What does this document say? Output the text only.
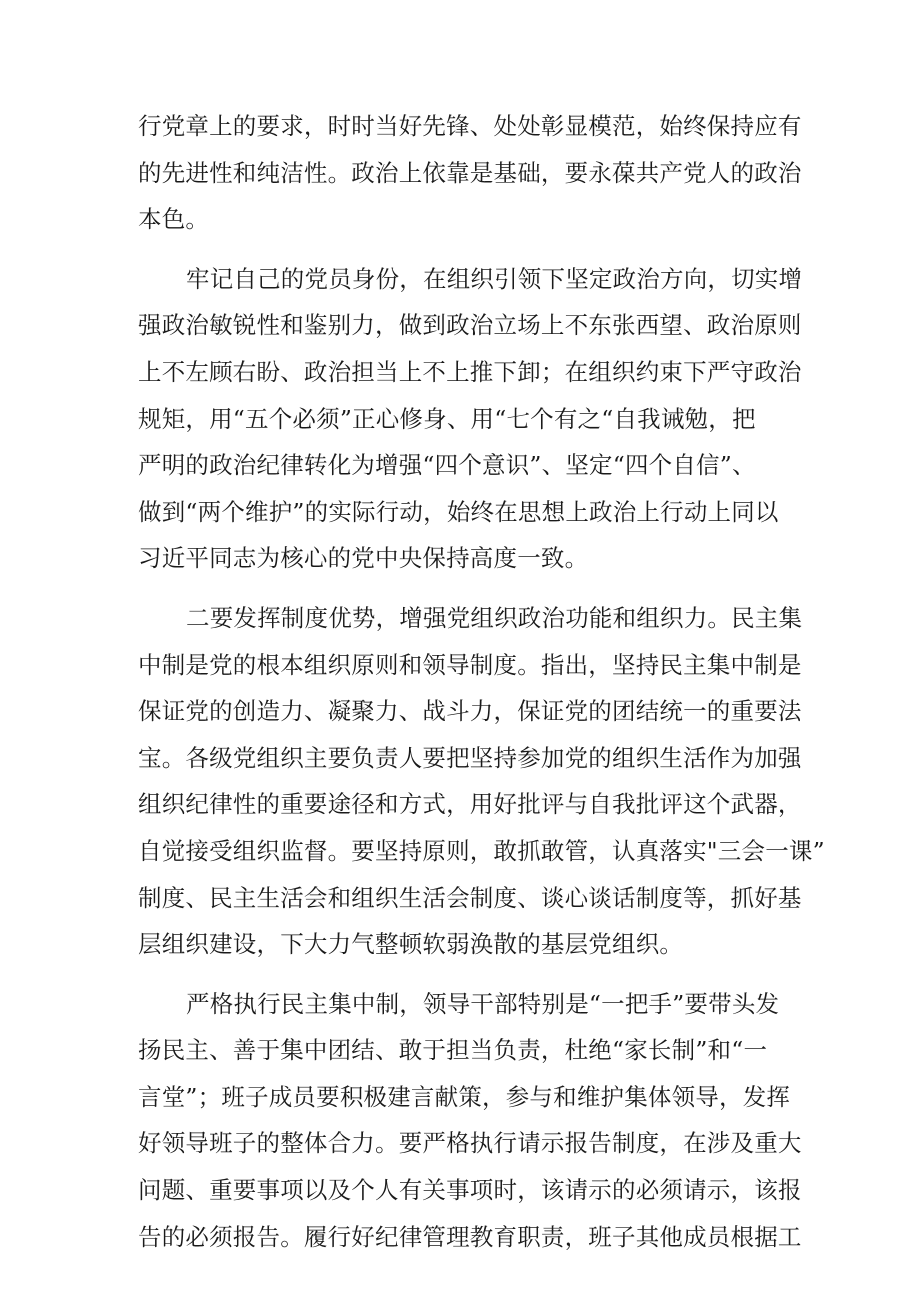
行党章上的要求，时时当好先锋、处处彰显模范，始终保持应有
的先进性和纯洁性。政治上依靠是基础，要永葆共产党人的政治
本色。
牢记自己的党员身份，在组织引领下坚定政治方向，切实增
强政治敏锐性和鉴别力，做到政治立场上不东张西望、政治原则
上不左顾右盼、政治担当上不上推下卸；在组织约束下严守政治
规矩，用“五个必须”正心修身、用“七个有之“自我诫勉，把
严明的政治纪律转化为增强“四个意识”、坚定“四个自信”、
做到“两个维护”的实际行动，始终在思想上政治上行动上同以
习近平同志为核心的党中央保持高度一致。
二要发挥制度优势，增强党组织政治功能和组织力。民主集
中制是党的根本组织原则和领导制度。指出，坚持民主集中制是
保证党的创造力、凝聚力、战斗力，保证党的团结统一的重要法
宝。各级党组织主要负责人要把坚持参加党的组织生活作为加强
组织纪律性的重要途径和方式，用好批评与自我批评这个武器，
自觉接受组织监督。要坚持原则，敢抓敢管，认真落实"三会一课”
制度、民主生活会和组织生活会制度、谈心谈话制度等，抓好基
层组织建设，下大力气整顿软弱涣散的基层党组织。
严格执行民主集中制，领导干部特别是“一把手”要带头发
扬民主、善于集中团结、敢于担当负责，杜绝“家长制”和“一
言堂”；班子成员要积极建言献策，参与和维护集体领导，发挥
好领导班子的整体合力。要严格执行请示报告制度，在涉及重大
问题、重要事项以及个人有关事项时，该请示的必须请示，该报
告的必须报告。履行好纪律管理教育职责，班子其他成员根据工
